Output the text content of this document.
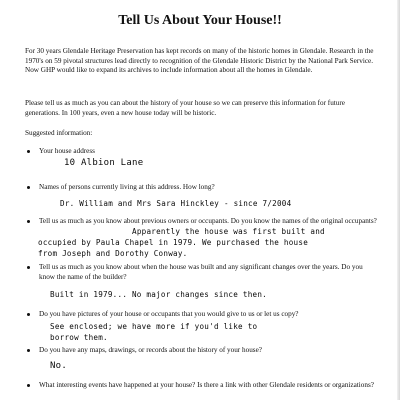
Tell Us About Your House!!
For 30 years Glendale Heritage Preservation has kept records on many of the historic homes in Glendale. Research in the 1970's on 59 pivotal structures lead directly to recognition of the Glendale Historic District by the National Park Service. Now GHP would like to expand its archives to include information about all the homes in Glendale.
Please tell us as much as you can about the history of your house so we can preserve this information for future generations. In 100 years, even a new house today will be historic.
Suggested information:
Your house address
10 Albion Lane
Names of persons currently living at this address. How long?
Dr. William and Mrs Sara Hinckley - since 7/2004
Tell us as much as you know about previous owners or occupants. Do you know the names of the original occupants?
Apparently the house was first built and
occupied by Paula Chapel in 1979. We purchased the house
from Joseph and Dorothy Conway.
Tell us as much as you know about when the house was built and any significant changes over the years. Do you know the name of the builder?
Built in 1979... No major changes since then.
Do you have pictures of your house or occupants that you would give to us or let us copy?
See enclosed; we have more if you'd like to
borrow them.
Do you have any maps, drawings, or records about the history of your house?
No.
What interesting events have happened at your house? Is there a link with other Glendale residents or organizations?
